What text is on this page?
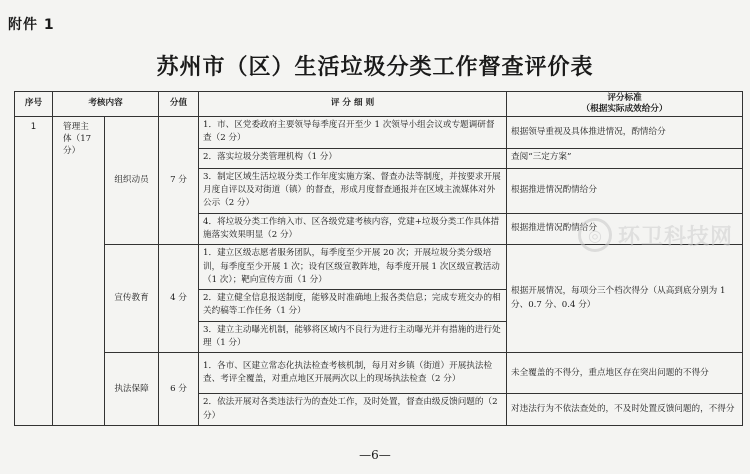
附件 1
苏州市（区）生活垃圾分类工作督查评价表
序号	考核内容		分值	评 分 细 则	评分标准
（根据实际成效给分）

1	管理主体（17分）	组织动员	7 分	1．市、区党委政府主要领导每季度召开至少 1 次领导小组会议或专题调研督查（2 分）	根据领导重视及具体推进情况，酌情给分
				2．落实垃圾分类管理机构（1 分）	查阅“三定方案”
				3．制定区域生活垃圾分类工作年度实施方案、督查办法等制度，并按要求开展月度自评以及对街道（镇）的督查，形成月度督查通报并在区域主流媒体对外公示（2 分）	根据推进情况酌情给分
				4．将垃圾分类工作纳入市、区各级党建考核内容，党建+垃圾分类工作具体措施落实效果明显（2 分）	根据推进情况酌情给分
		宣传教育	4 分	1．建立区级志愿者服务团队，每季度至少开展 20 次；开展垃圾分类分级培训，每季度至少开展 1 次；设有区级宣教阵地，每季度开展 1 次区级宣教活动（1 次）；靶向宣传方面（1 分）	根据开展情况，每项分三个档次得分（从高到底分别为 1 分、0.7 分、0.4 分）
				2．建立健全信息报送制度，能够及时准确地上报各类信息；完成专班交办的相关约稿等工作任务（1 分）	
				3．建立主动曝光机制，能够将区域内不良行为进行主动曝光并有措施的进行处理（1 分）	
		执法保障	6 分	1．各市、区建立常态化执法检查考核机制，每月对乡镇（街道）开展执法检查、考评全覆盖，对重点地区开展两次以上的现场执法检查（2 分）	未全覆盖的不得分，重点地区存在突出问题的不得分
				2．依法开展对各类违法行为的查处工作，及时处置，督查由级反馈问题的（2 分）	对违法行为不依法查处的，不及时处置反馈问题的，不得分
◎ 环卫科技网
—6—
